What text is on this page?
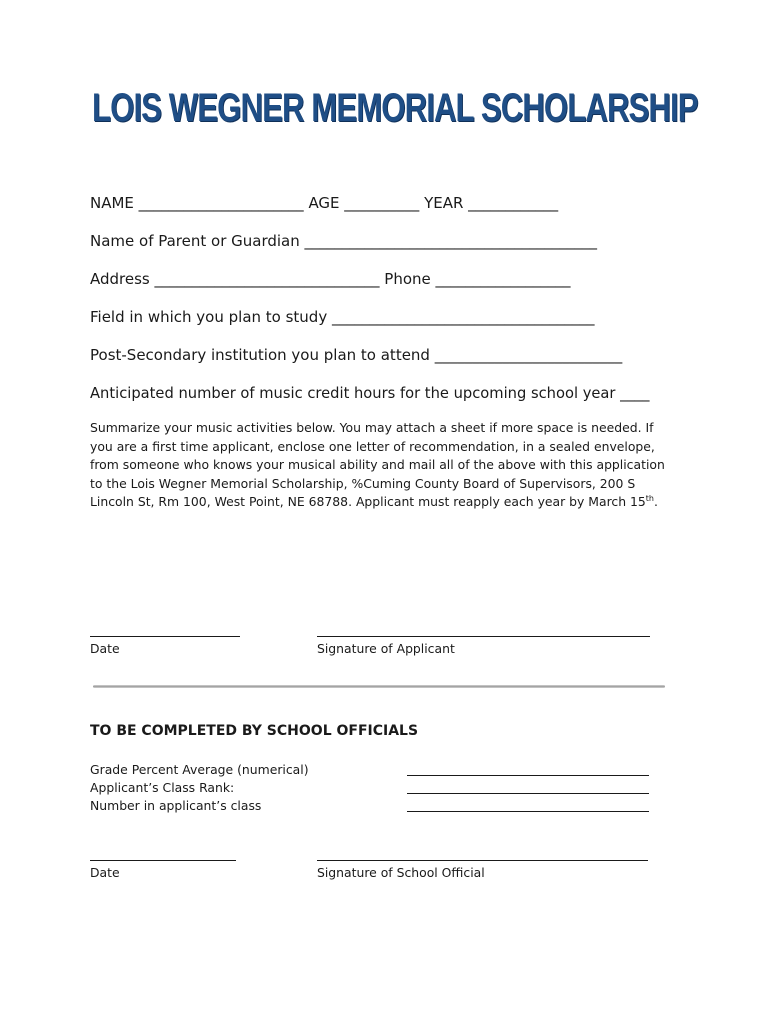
LOIS WEGNER MEMORIAL SCHOLARSHIP
NAME ______________________ AGE __________ YEAR ____________
Name of Parent or Guardian _______________________________________
Address ______________________________ Phone __________________
Field in which you plan to study ___________________________________
Post-Secondary institution you plan to attend _________________________
Anticipated number of music credit hours for the upcoming school year ____
Summarize your music activities below. You may attach a sheet if more space is needed. If you are a first time applicant, enclose one letter of recommendation, in a sealed envelope, from someone who knows your musical ability and mail all of the above with this application to the Lois Wegner Memorial Scholarship, %Cuming County Board of Supervisors, 200 S Lincoln St, Rm 100, West Point, NE 68788. Applicant must reapply each year by March 15th.
Date	Signature of Applicant
TO BE COMPLETED BY SCHOOL OFFICIALS
Grade Percent Average (numerical)
Applicant’s Class Rank:
Number in applicant’s class
Date	Signature of School Official
